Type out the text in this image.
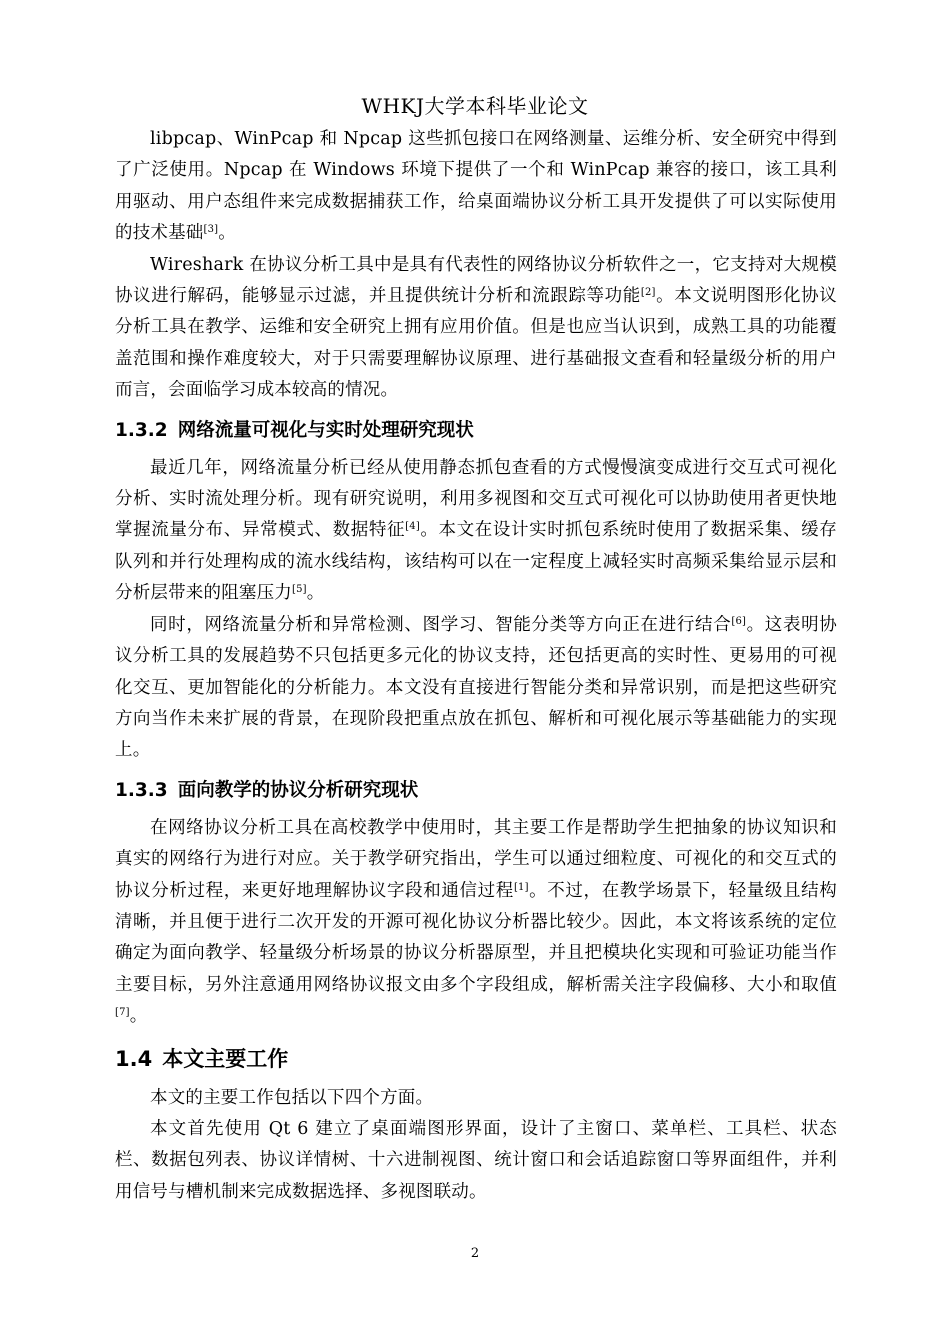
WHKJ大学本科毕业论文

libpcap、WinPcap 和 Npcap 这些抓包接口在网络测量、运维分析、安全研究中得到了广泛使用。Npcap 在 Windows 环境下提供了一个和 WinPcap 兼容的接口，该工具利用驱动、用户态组件来完成数据捕获工作，给桌面端协议分析工具开发提供了可以实际使用的技术基础[3]。

Wireshark 在协议分析工具中是具有代表性的网络协议分析软件之一，它支持对大规模协议进行解码，能够显示过滤，并且提供统计分析和流跟踪等功能[2]。本文说明图形化协议分析工具在教学、运维和安全研究上拥有应用价值。但是也应当认识到，成熟工具的功能覆盖范围和操作难度较大，对于只需要理解协议原理、进行基础报文查看和轻量级分析的用户而言，会面临学习成本较高的情况。

1.3.2 网络流量可视化与实时处理研究现状

最近几年，网络流量分析已经从使用静态抓包查看的方式慢慢演变成进行交互式可视化分析、实时流处理分析。现有研究说明，利用多视图和交互式可视化可以协助使用者更快地掌握流量分布、异常模式、数据特征[4]。本文在设计实时抓包系统时使用了数据采集、缓存队列和并行处理构成的流水线结构，该结构可以在一定程度上减轻实时高频采集给显示层和分析层带来的阻塞压力[5]。

同时，网络流量分析和异常检测、图学习、智能分类等方向正在进行结合[6]。这表明协议分析工具的发展趋势不只包括更多元化的协议支持，还包括更高的实时性、更易用的可视化交互、更加智能化的分析能力。本文没有直接进行智能分类和异常识别，而是把这些研究方向当作未来扩展的背景，在现阶段把重点放在抓包、解析和可视化展示等基础能力的实现上。

1.3.3 面向教学的协议分析研究现状

在网络协议分析工具在高校教学中使用时，其主要工作是帮助学生把抽象的协议知识和真实的网络行为进行对应。关于教学研究指出，学生可以通过细粒度、可视化的和交互式的协议分析过程，来更好地理解协议字段和通信过程[1]。不过，在教学场景下，轻量级且结构清晰，并且便于进行二次开发的开源可视化协议分析器比较少。因此，本文将该系统的定位确定为面向教学、轻量级分析场景的协议分析器原型，并且把模块化实现和可验证功能当作主要目标，另外注意通用网络协议报文由多个字段组成，解析需关注字段偏移、大小和取值[7]。

1.4 本文主要工作

本文的主要工作包括以下四个方面。

本文首先使用 Qt 6 建立了桌面端图形界面，设计了主窗口、菜单栏、工具栏、状态栏、数据包列表、协议详情树、十六进制视图、统计窗口和会话追踪窗口等界面组件，并利用信号与槽机制来完成数据选择、多视图联动。

2
